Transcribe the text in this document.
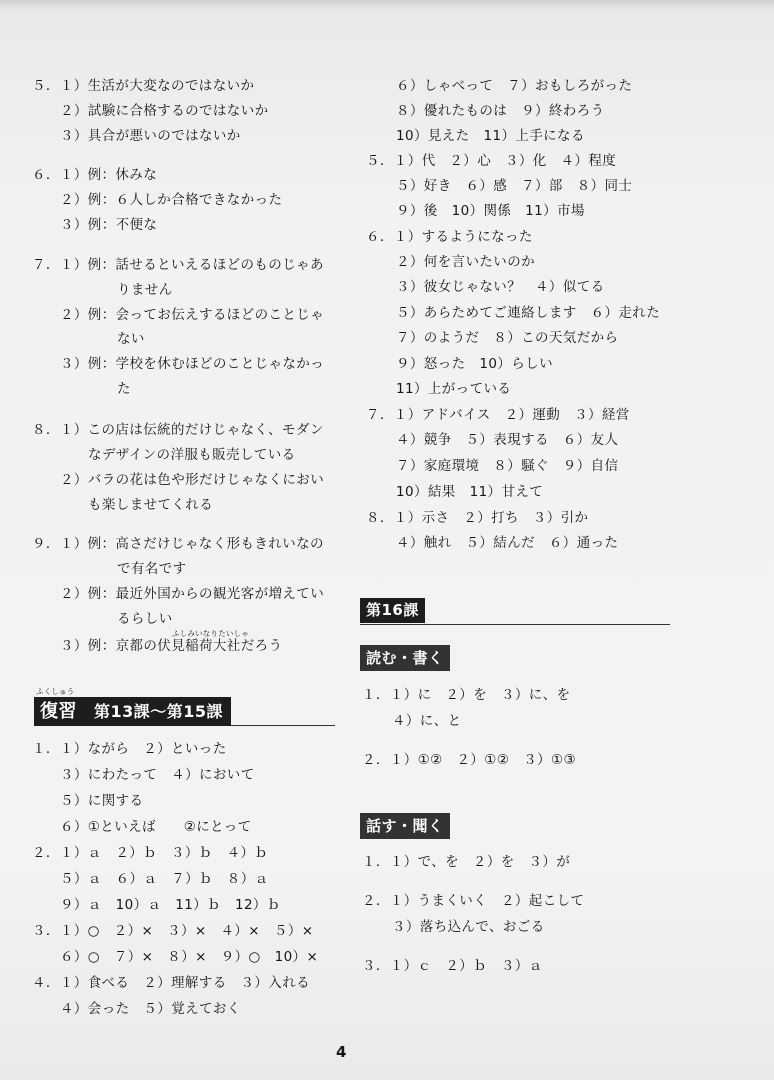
５．１）生活が大変なのではないか
２）試験に合格するのではないか
３）具合が悪いのではないか
６．１）例：休みな
２）例：６人しか合格できなかった
３）例：不便な
７．１）例：話せるといえるほどのものじゃあ
りません
２）例：会ってお伝えするほどのことじゃ
ない
３）例：学校を休むほどのことじゃなかっ
た
８．１）この店は伝統的だけじゃなく、モダン
なデザインの洋服も販売している
２）バラの花は色や形だけじゃなくにおい
も楽しませてくれる
９．１）例：高さだけじゃなく形もきれいなの
で有名です
２）例：最近外国からの観光客が増えてい
るらしい
ふしみいなりたいしゃ
３）例：京都の伏見稲荷大社だろう
ふくしゅう
復習 第13課～第15課
１．１）ながら　２）といった
３）にわたって　４）において
５）に関する
６）①といえば　　②にとって
２．１）ａ　２）ｂ　３）ｂ　４）ｂ
５）ａ　６）ａ　７）ｂ　８）ａ
９）ａ　10）ａ　11）ｂ　12）ｂ
３．１）○　２）×　３）×　４）×　５）×
６）○　７）×　８）×　９）○　10）×
４．１）食べる　２）理解する　３）入れる
４）会った　５）覚えておく
６）しゃべって　７）おもしろがった
８）優れたものは　９）終わろう
10）見えた　11）上手になる
５．１）代　２）心　３）化　４）程度
５）好き　６）感　７）部　８）同士
９）後　10）関係　11）市場
６．１）するようになった
２）何を言いたいのか
３）彼女じゃない？　４）似てる
５）あらためてご連絡します　６）走れた
７）のようだ　８）この天気だから
９）怒った　10）らしい
11）上がっている
７．１）アドバイス　２）運動　３）経営
４）競争　５）表現する　６）友人
７）家庭環境　８）騒ぐ　９）自信
10）結果　11）甘えて
８．１）示さ　２）打ち　３）引か
４）触れ　５）結んだ　６）通った
第16課
読む・書く
１．１）に　２）を　３）に、を
４）に、と
２．１）①②　２）①②　３）①③
話す・聞く
１．１）で、を　２）を　３）が
２．１）うまくいく　２）起こして
３）落ち込んで、おごる
３．１）ｃ　２）ｂ　３）ａ
4
